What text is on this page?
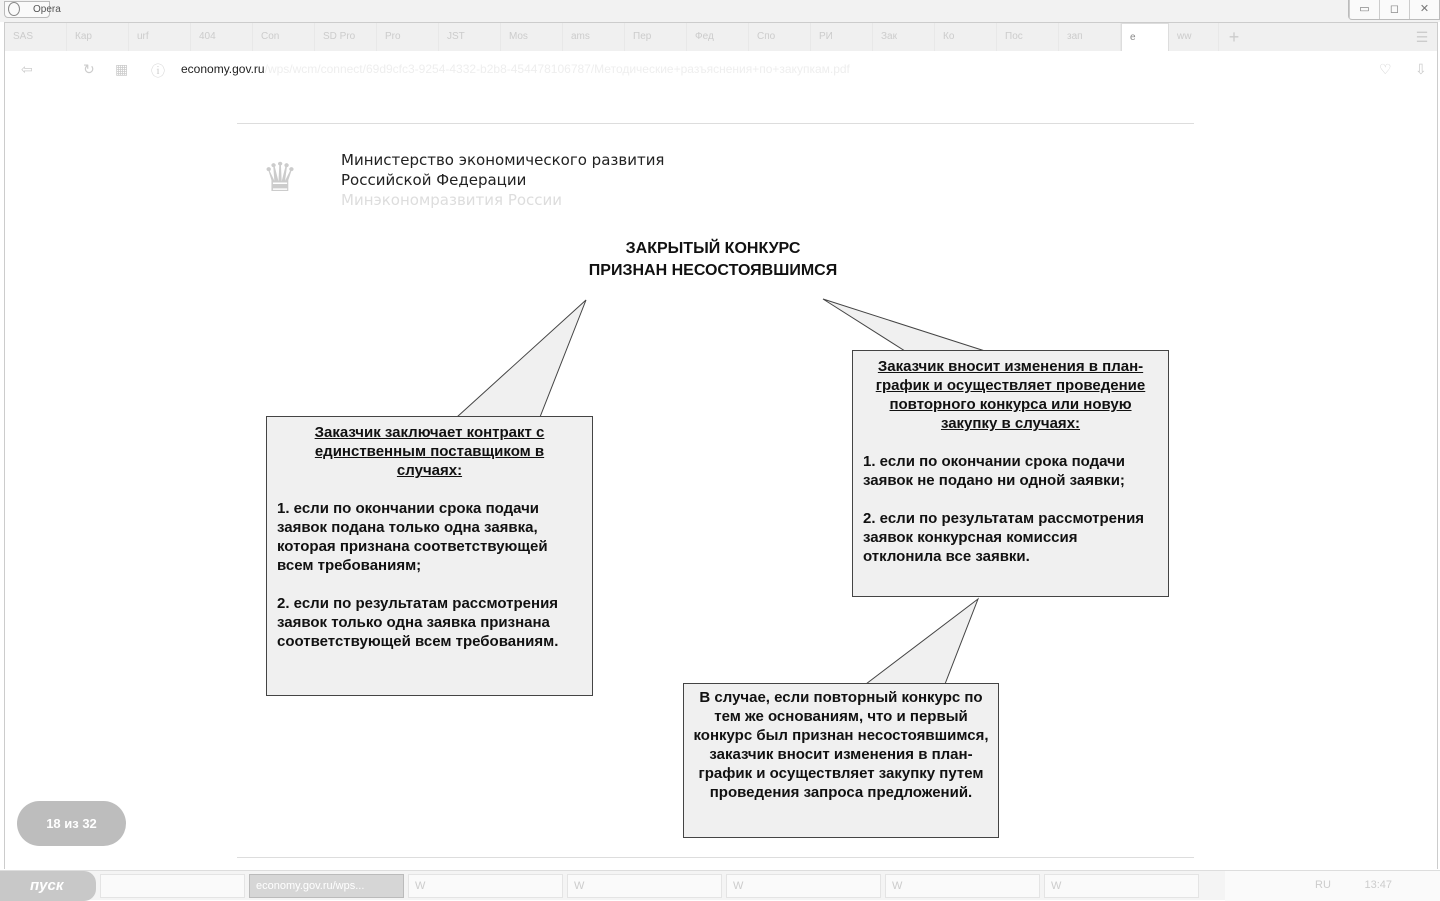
Opera	▭	◻	✕
SAS	Кар	urf	404	Con	SD Pro	Pro	JST	Mos	ams	Пер	Фед	Спо	РИ	Зак	Ко	Пос	зап	е	ww	+	☰
⇦	↻ ▦ ⓘ economy.gov.ru/wps/wcm/connect/69d9cfc3-9254-4332-b2b8-454478106787/Методические+разъяснения+по+закупкам.pdf	♡ ⇩
♛	Министерство экономического развития
Российской Федерации
Минэкономразвития России
ЗАКРЫТЫЙ КОНКУРС
ПРИЗНАН НЕСОСТОЯВШИМСЯ
Заказчик заключает контракт с единственным поставщиком в случаях:

1. если по окончании срока подачи заявок подана только одна заявка, которая признана соответствующей всем требованиям;

2. если по результатам рассмотрения заявок только одна заявка признана соответствующей всем требованиям.

Заказчик вносит изменения в план-график и осуществляет проведение повторного конкурса или новую закупку в случаях:

1. если по окончании срока подачи заявок не подано ни одной заявки;

2. если по результатам рассмотрения заявок конкурсная комиссия отклонила все заявки.

В случае, если повторный конкурс по тем же основаниям, что и первый конкурс был признан несостоявшимся, заказчик вносит изменения в план-график и осуществляет закупку путем проведения запроса предложений.
18 из 32
пуск	economy.gov.ru/wps...	W	W	W	W	W	RU	13:47
